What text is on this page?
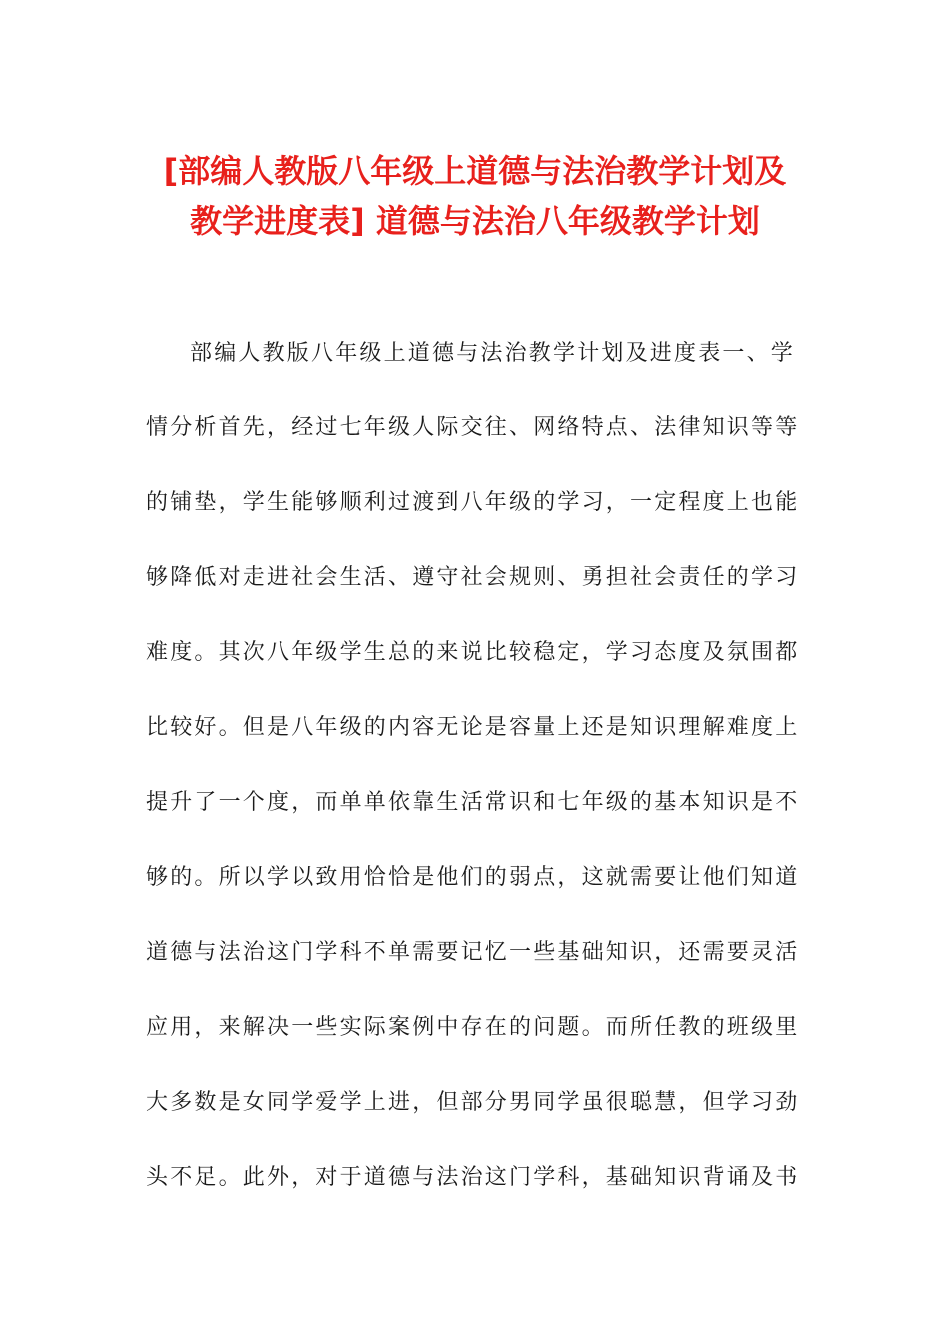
[部编人教版八年级上道德与法治教学计划及
教学进度表] 道德与法治八年级教学计划
部编人教版八年级上道德与法治教学计划及进度表一、学
情分析首先，经过七年级人际交往、网络特点、法律知识等等
的铺垫，学生能够顺利过渡到八年级的学习，一定程度上也能
够降低对走进社会生活、遵守社会规则、勇担社会责任的学习
难度。其次八年级学生总的来说比较稳定，学习态度及氛围都
比较好。但是八年级的内容无论是容量上还是知识理解难度上
提升了一个度，而单单依靠生活常识和七年级的基本知识是不
够的。所以学以致用恰恰是他们的弱点，这就需要让他们知道
道德与法治这门学科不单需要记忆一些基础知识，还需要灵活
应用，来解决一些实际案例中存在的问题。而所任教的班级里
大多数是女同学爱学上进，但部分男同学虽很聪慧，但学习劲
头不足。此外，对于道德与法治这门学科，基础知识背诵及书
